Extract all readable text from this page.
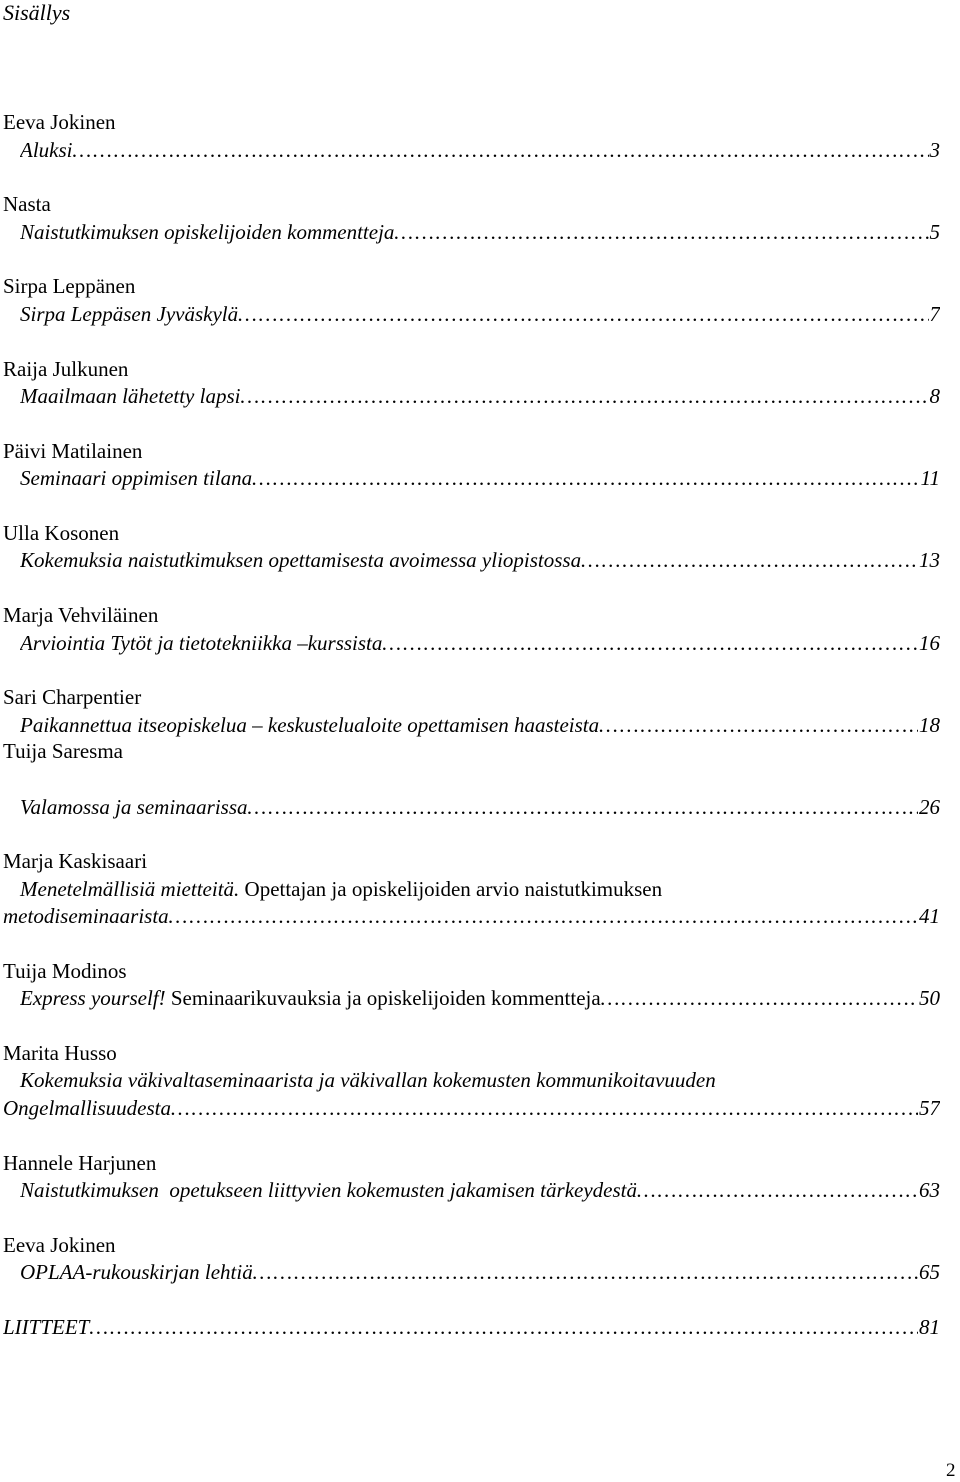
Sisällys
Eeva Jokinen
Aluksi …………………………………………………………………………………………………………………………………………………………………………………………………………	3
Nasta
Naistutkimuksen opiskelijoiden kommentteja …………………………………………………………………………………………………………………………………………………………………………………………………………	5
Sirpa Leppänen
Sirpa Leppäsen Jyväskylä …………………………………………………………………………………………………………………………………………………………………………………………………………	7
Raija Julkunen
Maailmaan lähetetty lapsi …………………………………………………………………………………………………………………………………………………………………………………………………………	8
Päivi Matilainen
Seminaari oppimisen tilana …………………………………………………………………………………………………………………………………………………………………………………………………………	11
Ulla Kosonen
Kokemuksia naistutkimuksen opettamisesta avoimessa yliopistossa …………………………………………………………………………………………………………………………………………………………………………………………………………	13
Marja Vehviläinen
Arviointia Tytöt ja tietotekniikka –kurssista …………………………………………………………………………………………………………………………………………………………………………………………………………	16
Sari Charpentier
Paikannettua itseopiskelua – keskustelualoite opettamisen haasteista …………………………………………………………………………………………………………………………………………………………………………………………………………	18
Tuija Saresma
Valamossa ja seminaarissa …………………………………………………………………………………………………………………………………………………………………………………………………………	26
Marja Kaskisaari
Menetelmällisiä mietteitä. Opettajan ja opiskelijoiden arvio naistutkimuksen
metodiseminaarista …………………………………………………………………………………………………………………………………………………………………………………………………………	41
Tuija Modinos
Express yourself! Seminaarikuvauksia ja opiskelijoiden kommentteja …………………………………………………………………………………………………………………………………………………………………………………………………………	50
Marita Husso
Kokemuksia väkivaltaseminaarista ja väkivallan kokemusten kommunikoitavuuden
Ongelmallisuudesta …………………………………………………………………………………………………………………………………………………………………………………………………………	57
Hannele Harjunen
Naistutkimuksen  opetukseen liittyvien kokemusten jakamisen tärkeydestä …………………………………………………………………………………………………………………………………………………………………………………………………………	63
Eeva Jokinen
OPLAA-rukouskirjan lehtiä …………………………………………………………………………………………………………………………………………………………………………………………………………	65
LIITTEET …………………………………………………………………………………………………………………………………………………………………………………………………………	81
2
